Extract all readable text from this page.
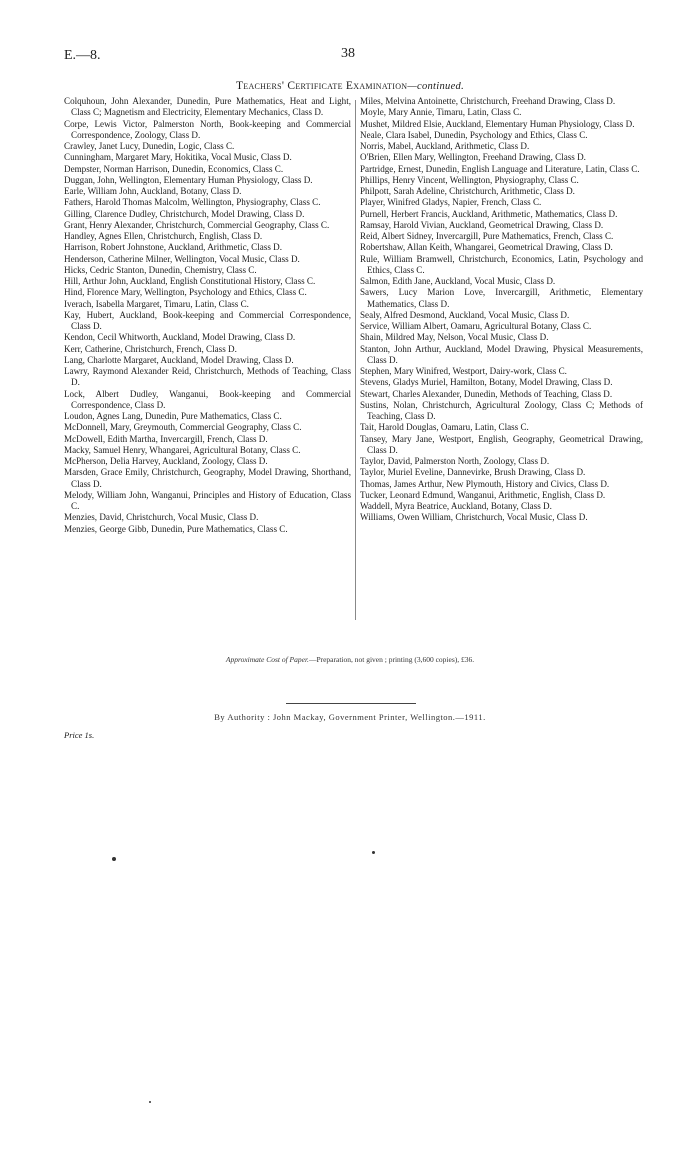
E.—8.	38
Teachers' Certificate Examination—continued.

Colquhoun, John Alexander, Dunedin, Pure Mathematics, Heat and Light, Class C; Magnetism and Electricity, Elementary Mechanics, Class D.

Corpe, Lewis Victor, Palmerston North, Book-keeping and Commercial Correspondence, Zoology, Class D.

Crawley, Janet Lucy, Dunedin, Logic, Class C.

Cunningham, Margaret Mary, Hokitika, Vocal Music, Class D.

Dempster, Norman Harrison, Dunedin, Economics, Class C.

Duggan, John, Wellington, Elementary Human Physiology, Class D.

Earle, William John, Auckland, Botany, Class D.

Fathers, Harold Thomas Malcolm, Wellington, Physiography, Class C.

Gilling, Clarence Dudley, Christchurch, Model Drawing, Class D.

Grant, Henry Alexander, Christchurch, Commercial Geography, Class C.

Handley, Agnes Ellen, Christchurch, English, Class D.

Harrison, Robert Johnstone, Auckland, Arithmetic, Class D.

Henderson, Catherine Milner, Wellington, Vocal Music, Class D.

Hicks, Cedric Stanton, Dunedin, Chemistry, Class C.

Hill, Arthur John, Auckland, English Constitutional History, Class C.

Hind, Florence Mary, Wellington, Psychology and Ethics, Class C.

Iverach, Isabella Margaret, Timaru, Latin, Class C.

Kay, Hubert, Auckland, Book-keeping and Commercial Correspondence, Class D.

Kendon, Cecil Whitworth, Auckland, Model Drawing, Class D.

Kerr, Catherine, Christchurch, French, Class D.

Lang, Charlotte Margaret, Auckland, Model Drawing, Class D.

Lawry, Raymond Alexander Reid, Christchurch, Methods of Teaching, Class D.

Lock, Albert Dudley, Wanganui, Book-keeping and Commercial Correspondence, Class D.

Loudon, Agnes Lang, Dunedin, Pure Mathematics, Class C.

McDonnell, Mary, Greymouth, Commercial Geography, Class C.

McDowell, Edith Martha, Invercargill, French, Class D.

Macky, Samuel Henry, Whangarei, Agricultural Botany, Class C.

McPherson, Delia Harvey, Auckland, Zoology, Class D.

Marsden, Grace Emily, Christchurch, Geography, Model Drawing, Shorthand, Class D.

Melody, William John, Wanganui, Principles and History of Education, Class C.

Menzies, David, Christchurch, Vocal Music, Class D.

Menzies, George Gibb, Dunedin, Pure Mathematics, Class C.

Miles, Melvina Antoinette, Christchurch, Freehand Drawing, Class D.

Moyle, Mary Annie, Timaru, Latin, Class C.

Mushet, Mildred Elsie, Auckland, Elementary Human Physiology, Class D.

Neale, Clara Isabel, Dunedin, Psychology and Ethics, Class C.

Norris, Mabel, Auckland, Arithmetic, Class D.

O'Brien, Ellen Mary, Wellington, Freehand Drawing, Class D.

Partridge, Ernest, Dunedin, English Language and Literature, Latin, Class C.

Phillips, Henry Vincent, Wellington, Physiography, Class C.

Philpott, Sarah Adeline, Christchurch, Arithmetic, Class D.

Player, Winifred Gladys, Napier, French, Class C.

Purnell, Herbert Francis, Auckland, Arithmetic, Mathematics, Class D.

Ramsay, Harold Vivian, Auckland, Geometrical Drawing, Class D.

Reid, Albert Sidney, Invercargill, Pure Mathematics, French, Class C.

Robertshaw, Allan Keith, Whangarei, Geometrical Drawing, Class D.

Rule, William Bramwell, Christchurch, Economics, Latin, Psychology and Ethics, Class C.

Salmon, Edith Jane, Auckland, Vocal Music, Class D.

Sawers, Lucy Marion Love, Invercargill, Arithmetic, Elementary Mathematics, Class D.

Sealy, Alfred Desmond, Auckland, Vocal Music, Class D.

Service, William Albert, Oamaru, Agricultural Botany, Class C.

Shain, Mildred May, Nelson, Vocal Music, Class D.

Stanton, John Arthur, Auckland, Model Drawing, Physical Measurements, Class D.

Stephen, Mary Winifred, Westport, Dairy-work, Class C.

Stevens, Gladys Muriel, Hamilton, Botany, Model Drawing, Class D.

Stewart, Charles Alexander, Dunedin, Methods of Teaching, Class D.

Sustins, Nolan, Christchurch, Agricultural Zoology, Class C; Methods of Teaching, Class D.

Tait, Harold Douglas, Oamaru, Latin, Class C.

Tansey, Mary Jane, Westport, English, Geography, Geometrical Drawing, Class D.

Taylor, David, Palmerston North, Zoology, Class D.

Taylor, Muriel Eveline, Dannevirke, Brush Drawing, Class D.

Thomas, James Arthur, New Plymouth, History and Civics, Class D.

Tucker, Leonard Edmund, Wanganui, Arithmetic, English, Class D.

Waddell, Myra Beatrice, Auckland, Botany, Class D.

Williams, Owen William, Christchurch, Vocal Music, Class D.

Approximate Cost of Paper.—Preparation, not given ; printing (3,600 copies), £36.
By Authority : John Mackay, Government Printer, Wellington.—1911.
Price 1s.
